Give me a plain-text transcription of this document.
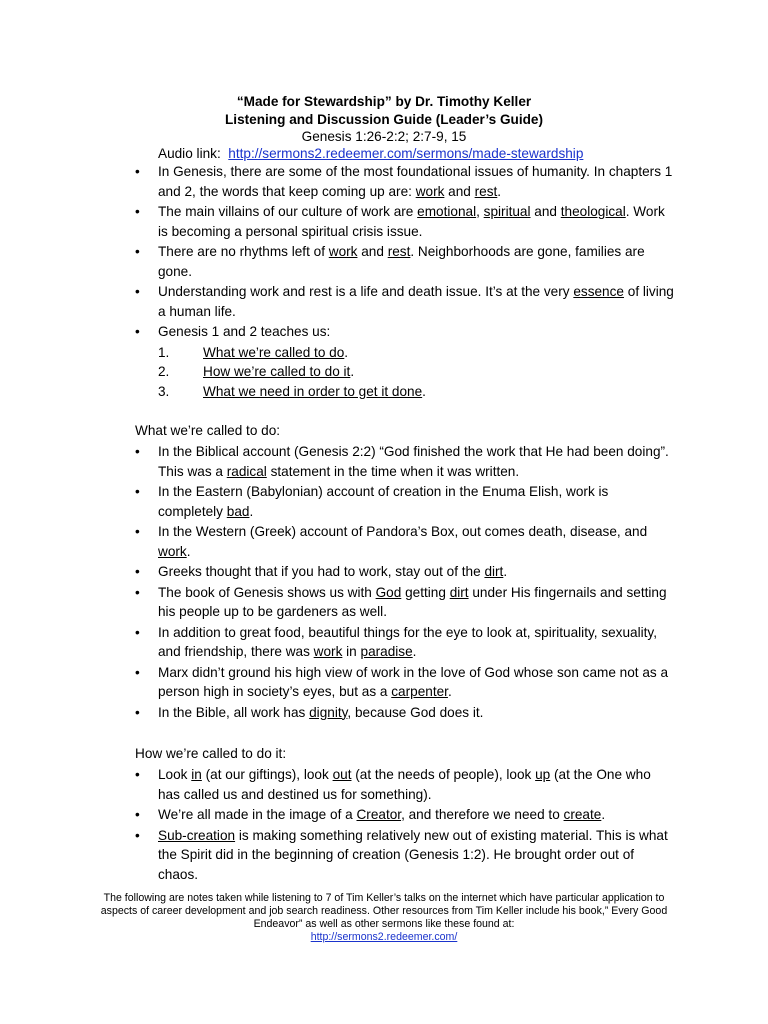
“Made for Stewardship” by Dr. Timothy Keller
Listening and Discussion Guide (Leader’s Guide)
Genesis 1:26-2:2; 2:7-9, 15
Audio link:  http://sermons2.redeemer.com/sermons/made-stewardship
• In Genesis, there are some of the most foundational issues of humanity. In chapters 1 and 2, the words that keep coming up are: work and rest.
• The main villains of our culture of work are emotional, spiritual and theological. Work is becoming a personal spiritual crisis issue.
• There are no rhythms left of work and rest. Neighborhoods are gone, families are gone.
• Understanding work and rest is a life and death issue. It’s at the very essence of living a human life.
• Genesis 1 and 2 teaches us:
1. What we’re called to do.
2. How we’re called to do it.
3. What we need in order to get it done.
What we’re called to do:
• In the Biblical account (Genesis 2:2) “God finished the work that He had been doing”. This was a radical statement in the time when it was written.
• In the Eastern (Babylonian) account of creation in the Enuma Elish, work is completely bad.
• In the Western (Greek) account of Pandora’s Box, out comes death, disease, and work.
• Greeks thought that if you had to work, stay out of the dirt.
• The book of Genesis shows us with God getting dirt under His fingernails and setting his people up to be gardeners as well.
• In addition to great food, beautiful things for the eye to look at, spirituality, sexuality, and friendship, there was work in paradise.
• Marx didn’t ground his high view of work in the love of God whose son came not as a person high in society’s eyes, but as a carpenter.
• In the Bible, all work has dignity, because God does it.
How we’re called to do it:
• Look in (at our giftings), look out (at the needs of people), look up (at the One who has called us and destined us for something).
• We’re all made in the image of a Creator, and therefore we need to create.
• Sub-creation is making something relatively new out of existing material. This is what the Spirit did in the beginning of creation (Genesis 1:2). He brought order out of chaos.
The following are notes taken while listening to 7 of Tim Keller’s talks on the internet which have particular application to aspects of career development and job search readiness. Other resources from Tim Keller include his book,” Every Good Endeavor” as well as other sermons like these found at:
http://sermons2.redeemer.com/
